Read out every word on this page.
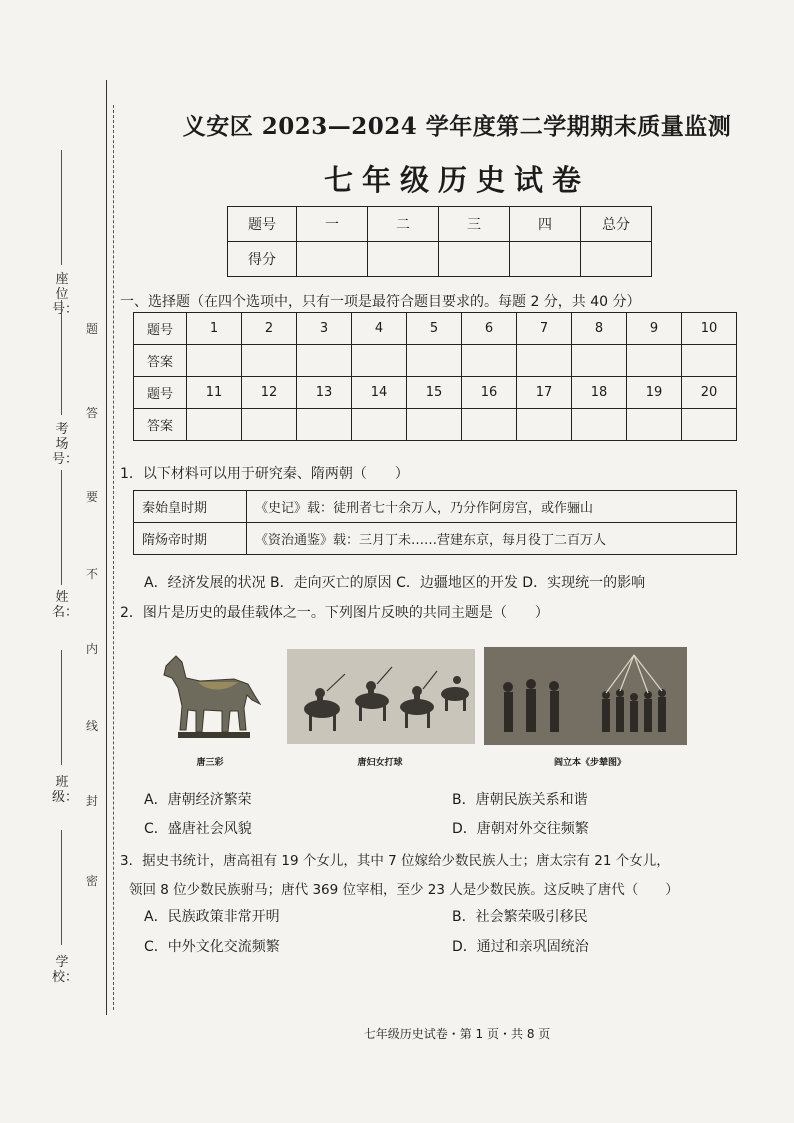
座位号：
考场号：
姓名：
班级：
学校：
密
封
线
内
不
要
答
题
义安区 2023—2024 学年度第二学期期末质量监测
七年级历史试卷
题号	一	二	三	四	总分
得分					
一、选择题（在四个选项中，只有一项是最符合题目要求的。每题 2 分，共 40 分）
题号	1	2	3	4	5	6	7	8	9	10
答案										
题号	11	12	13	14	15	16	17	18	19	20
答案										
1．以下材料可以用于研究秦、隋两朝（　　）
秦始皇时期	《史记》载：徒刑者七十余万人，乃分作阿房宫，或作骊山
隋炀帝时期	《资治通鉴》载：三月丁未……营建东京，每月役丁二百万人
A．经济发展的状况 B．走向灭亡的原因 C．边疆地区的开发 D．实现统一的影响
2．图片是历史的最佳载体之一。下列图片反映的共同主题是（　　）
唐三彩	唐妇女打球	阎立本《步辇图》
A．唐朝经济繁荣	B．唐朝民族关系和谐
C．盛唐社会风貌	D．唐朝对外交往频繁
3．据史书统计，唐高祖有 19 个女儿，其中 7 位嫁给少数民族人士；唐太宗有 21 个女儿，
领回 8 位少数民族驸马；唐代 369 位宰相，至少 23 人是少数民族。这反映了唐代（　　）
A．民族政策非常开明	B．社会繁荣吸引移民
C．中外文化交流频繁	D．通过和亲巩固统治
七年级历史试卷・第 1 页・共 8 页
